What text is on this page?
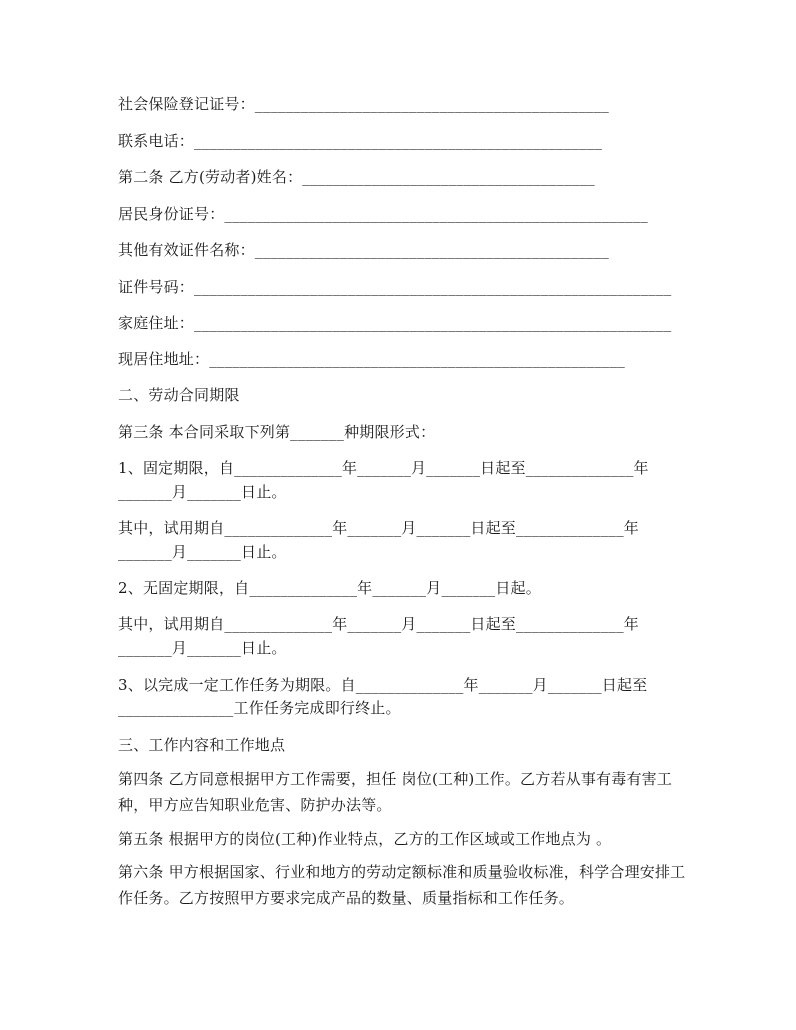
社会保险登记证号：______________________________________________
联系电话：_____________________________________________________
第二条 乙方(劳动者)姓名：______________________________________
居民身份证号：_______________________________________________________
其他有效证件名称：______________________________________________
证件号码：______________________________________________________________
家庭住址：______________________________________________________________
现居住地址：______________________________________________________
二、劳动合同期限
第三条 本合同采取下列第_______种期限形式：
1、固定期限，自______________年_______月_______日起至______________年
_______月_______日止。
其中，试用期自______________年_______月_______日起至______________年
_______月_______日止。
2、无固定期限，自______________年_______月_______日起。
其中，试用期自______________年_______月_______日起至______________年
_______月_______日止。
3、以完成一定工作任务为期限。自______________年_______月_______日起至
_______________工作任务完成即行终止。
三、工作内容和工作地点
第四条 乙方同意根据甲方工作需要，担任 岗位(工种)工作。乙方若从事有毒有害工种，甲方应告知职业危害、防护办法等。
第五条 根据甲方的岗位(工种)作业特点，乙方的工作区域或工作地点为 。
第六条 甲方根据国家、行业和地方的劳动定额标准和质量验收标准，科学合理安排工作任务。乙方按照甲方要求完成产品的数量、质量指标和工作任务。
